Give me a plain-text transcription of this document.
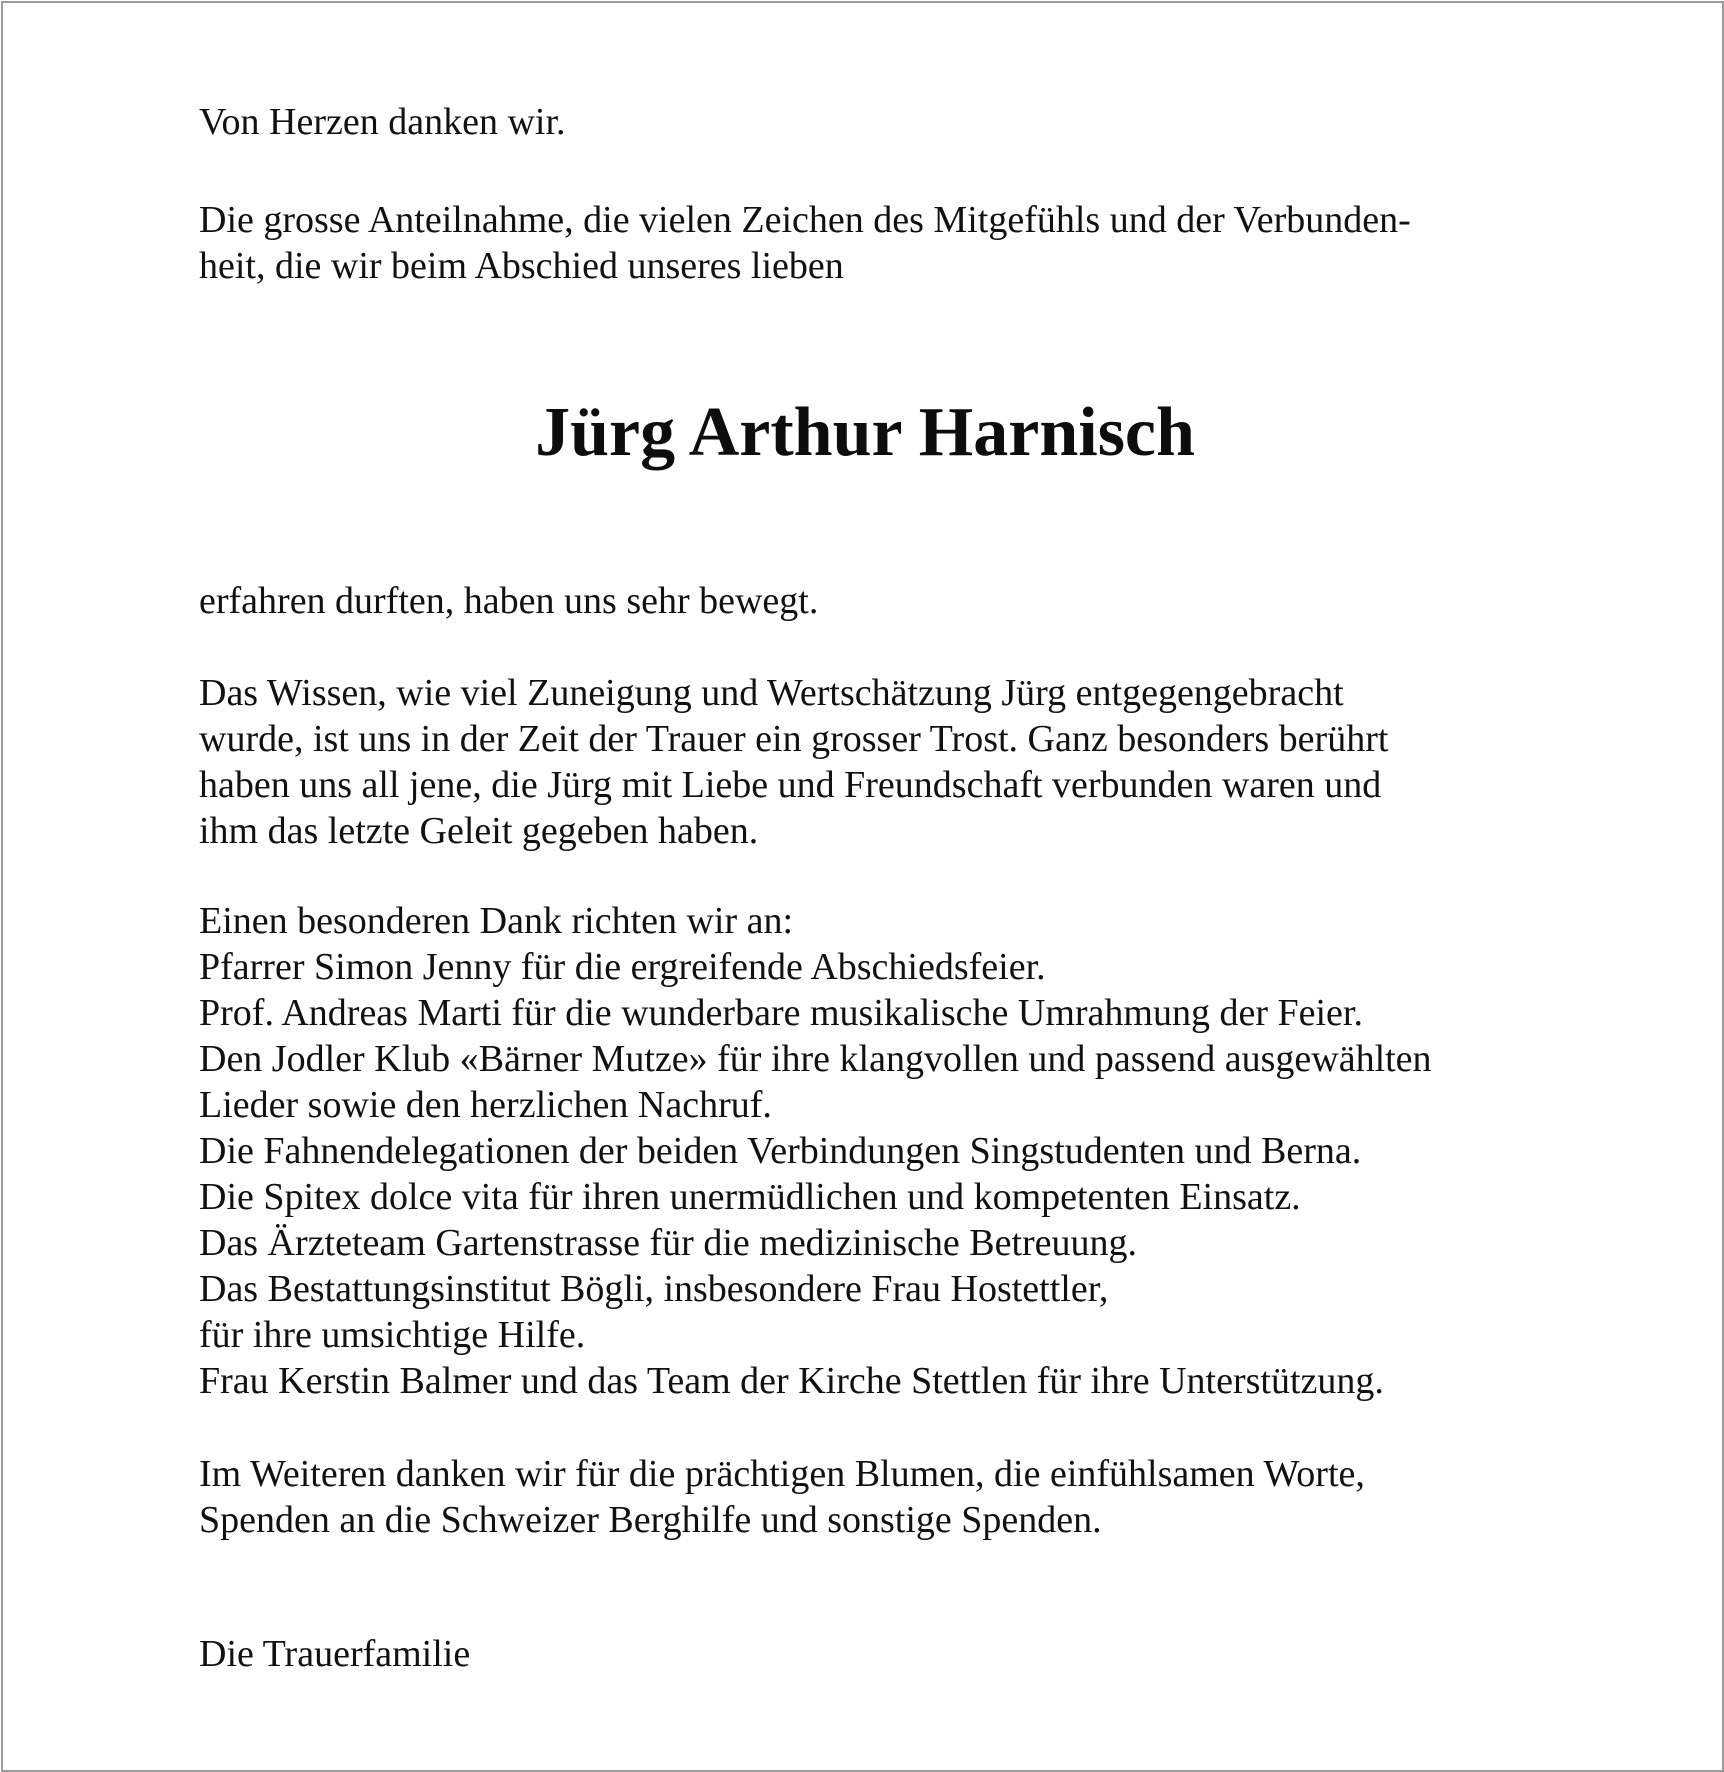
Von Herzen danken wir.

Die grosse Anteilnahme, die vielen Zeichen des Mitgefühls und der Verbunden-
heit, die wir beim Abschied unseres lieben

Jürg Arthur Harnisch

erfahren durften, haben uns sehr bewegt.

Das Wissen, wie viel Zuneigung und Wertschätzung Jürg entgegengebracht
wurde, ist uns in der Zeit der Trauer ein grosser Trost. Ganz besonders berührt
haben uns all jene, die Jürg mit Liebe und Freundschaft verbunden waren und
ihm das letzte Geleit gegeben haben.

Einen besonderen Dank richten wir an:
Pfarrer Simon Jenny für die ergreifende Abschiedsfeier.
Prof. Andreas Marti für die wunderbare musikalische Umrahmung der Feier.
Den Jodler Klub «Bärner Mutze» für ihre klangvollen und passend ausgewählten
Lieder sowie den herzlichen Nachruf.
Die Fahnendelegationen der beiden Verbindungen Singstudenten und Berna.
Die Spitex dolce vita für ihren unermüdlichen und kompetenten Einsatz.
Das Ärzteteam Gartenstrasse für die medizinische Betreuung.
Das Bestattungsinstitut Bögli, insbesondere Frau Hostettler,
für ihre umsichtige Hilfe.
Frau Kerstin Balmer und das Team der Kirche Stettlen für ihre Unterstützung.

Im Weiteren danken wir für die prächtigen Blumen, die einfühlsamen Worte,
Spenden an die Schweizer Berghilfe und sonstige Spenden.

Die Trauerfamilie
